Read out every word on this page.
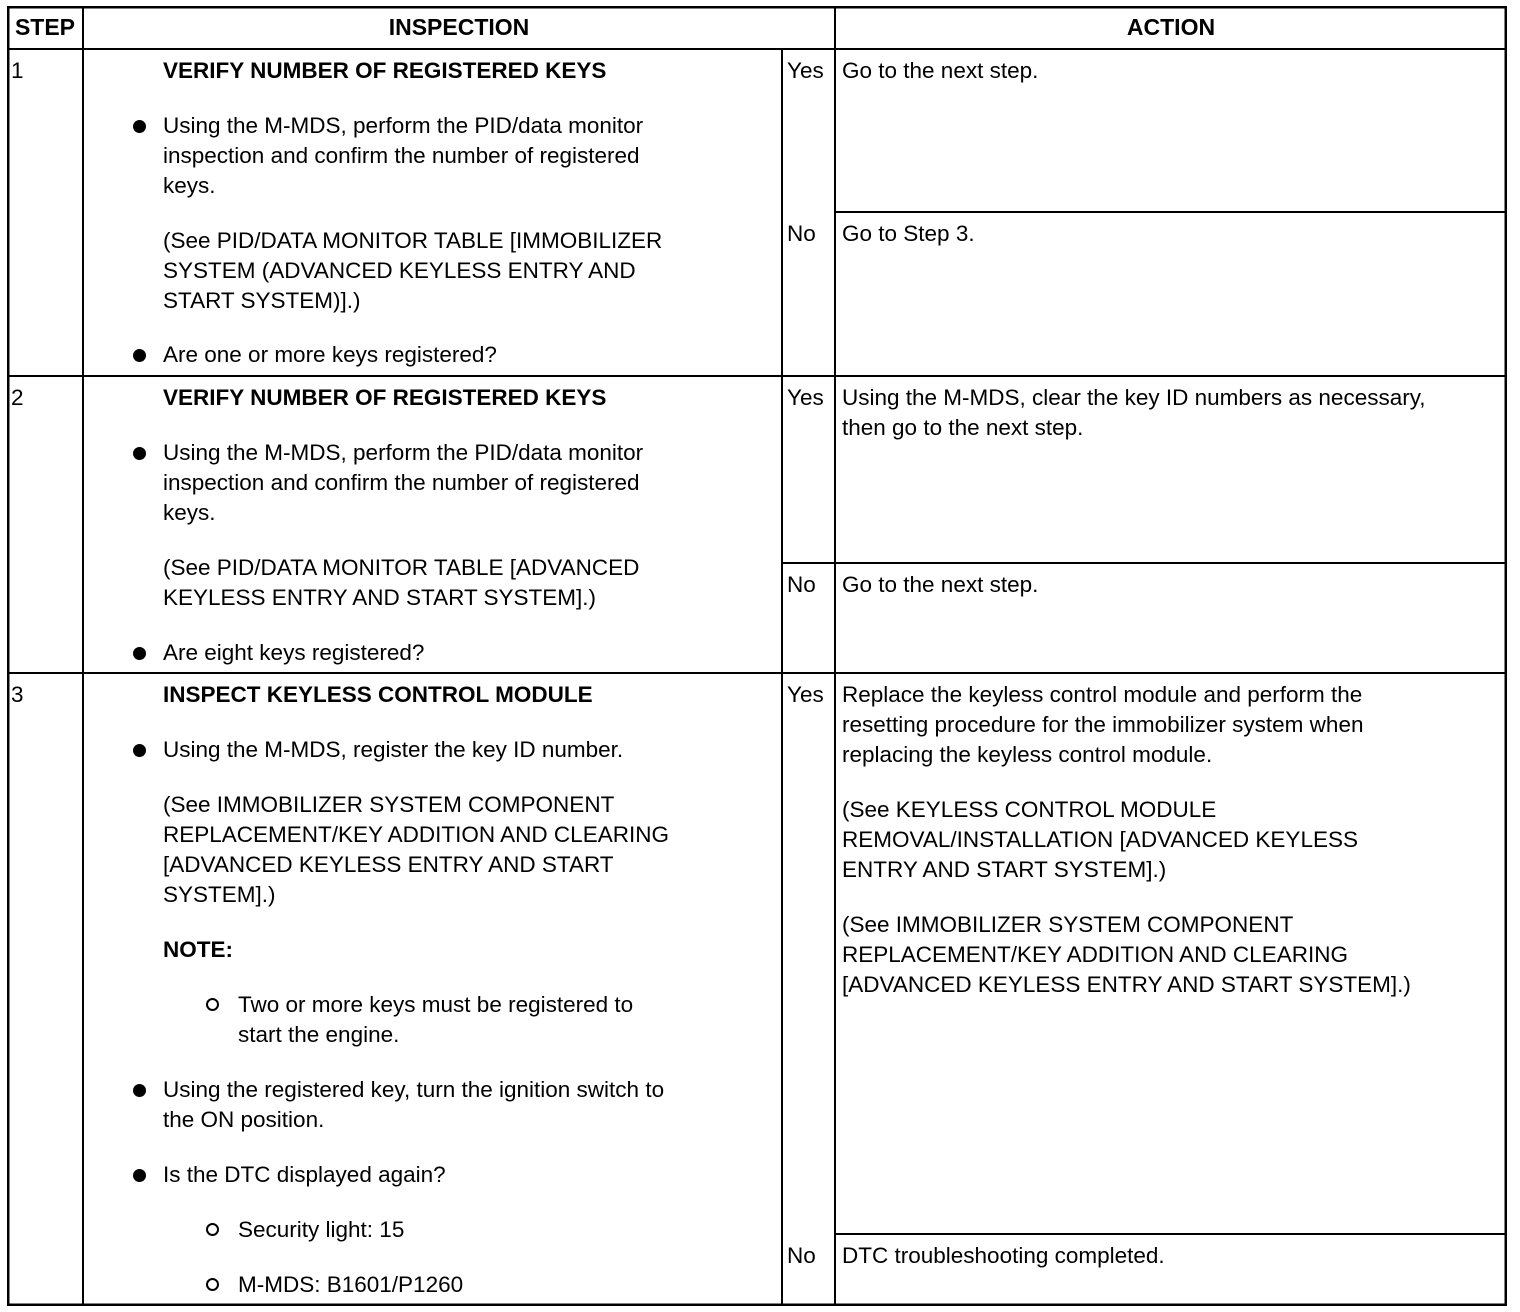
STEP	INSPECTION	ACTION
1	VERIFY NUMBER OF REGISTERED KEYS
Using the M-MDS, perform the PID/data monitor
inspection and confirm the number of registered
keys.
(See PID/DATA MONITOR TABLE [IMMOBILIZER
SYSTEM (ADVANCED KEYLESS ENTRY AND
START SYSTEM)].)
Are one or more keys registered?
Yes Go to the next step.
No Go to Step 3.
2	VERIFY NUMBER OF REGISTERED KEYS
Using the M-MDS, perform the PID/data monitor
inspection and confirm the number of registered
keys.
(See PID/DATA MONITOR TABLE [ADVANCED
KEYLESS ENTRY AND START SYSTEM].)
Are eight keys registered?
Yes Using the M-MDS, clear the key ID numbers as necessary,
then go to the next step.
No Go to the next step.
3	INSPECT KEYLESS CONTROL MODULE
Using the M-MDS, register the key ID number.
(See IMMOBILIZER SYSTEM COMPONENT
REPLACEMENT/KEY ADDITION AND CLEARING
[ADVANCED KEYLESS ENTRY AND START
SYSTEM].)
NOTE:
Two or more keys must be registered to
start the engine.
Using the registered key, turn the ignition switch to
the ON position.
Is the DTC displayed again?
Security light: 15
M-MDS: B1601/P1260
Yes Replace the keyless control module and perform the
resetting procedure for the immobilizer system when
replacing the keyless control module.
(See KEYLESS CONTROL MODULE
REMOVAL/INSTALLATION [ADVANCED KEYLESS
ENTRY AND START SYSTEM].)
(See IMMOBILIZER SYSTEM COMPONENT
REPLACEMENT/KEY ADDITION AND CLEARING
[ADVANCED KEYLESS ENTRY AND START SYSTEM].)
No DTC troubleshooting completed.
